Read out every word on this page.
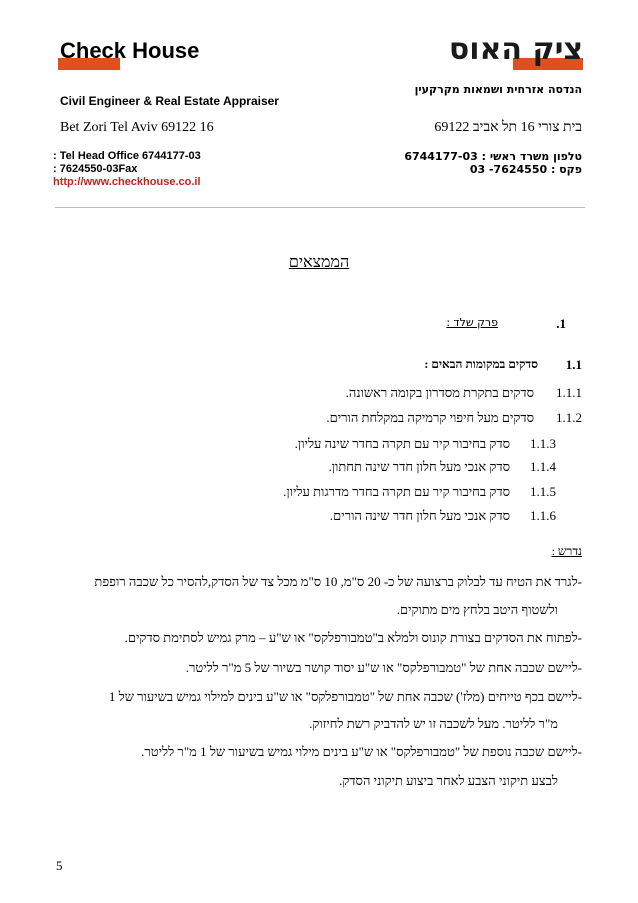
Check House	ציק האוס
Civil Engineer & Real Estate Appraiser
הנדסה אזרחית ושמאות מקרקעין
Bet Zori Tel Aviv 69122 16	בית צורי 16 תל אביב 69122
: Tel Head Office 6744177-03
: 7624550-03Fax
http://www.checkhouse.co.il
טלפון משרד ראשי : 6744177-03
פקס : 7624550- 03
הממצאים
.1
פרק שלד :
1.1
סדקים במקומות הבאים :
1.1.1
סדקים בתקרת מסדרון בקומה ראשונה.
1.1.2
סדקים מעל חיפוי קרמיקה במקלחת הורים.
1.1.3
סדק בחיבור קיר עם תקרה בחדר שינה עליון.
1.1.4
סדק אנכי מעל חלון חדר שינה תחתון.
1.1.5
סדק בחיבור קיר עם תקרה בחדר מדרגות עליון.
1.1.6
סדק אנכי מעל חלון חדר שינה הורים.
נדרש :
-לגרד את הטיח עד לבלוק ברצועה של כ- 20 ס"מ, 10 ס"מ מכל צד של הסדק,להסיר כל שכבה רופפת
ולשטוף היטב בלחץ מים מתוקים.
-לפתוח את הסדקים בצורת קונוס ולמלא ב"טמבורפלקס" או ש"ע – מרק גמיש לסתימת סדקים.
-ליישם שכבה אחת של "טמבורפלקס" או ש"ע יסוד קושר בשיור של 5 מ"ר לליטר.
-ליישם בכף טייחים (מלז') שכבה אחת של "טמבורפלקס" או ש"ע בינים למילוי גמיש בשיעור של 1
מ"ר לליטר. מעל לשכבה זו יש להדביק רשת לחיזוק.
-ליישם שכבה נוספת של "טמבורפלקס" או ש"ע בינים מילוי גמיש בשיעור של 1 מ"ר לליטר.
לבצע תיקוני הצבע לאחר ביצוע תיקוני הסדק.
5
